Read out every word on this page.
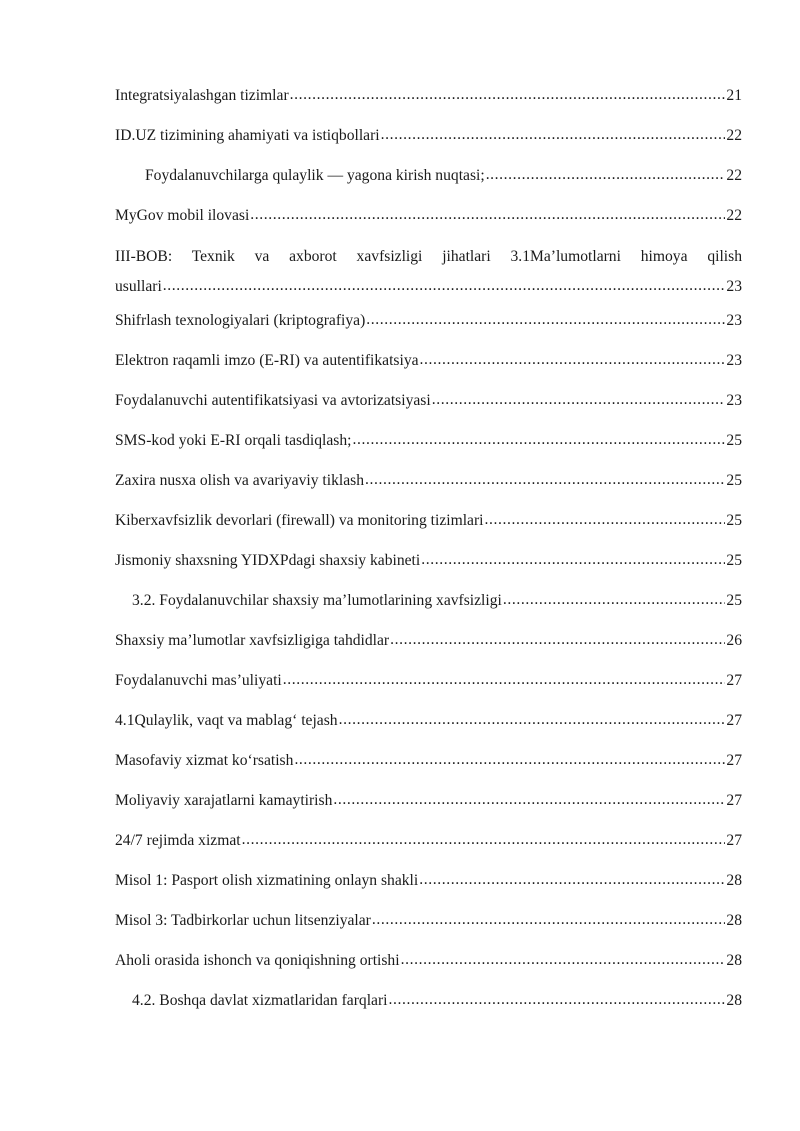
Integratsiyalashgan tizimlar .....	21
ID.UZ tizimining ahamiyati va istiqbollari .....	22
Foydalanuvchilarga qulaylik — yagona kirish nuqtasi; .....	22
MyGov mobil ilovasi .....	22
III-BOB: Texnik va axborot xavfsizligi jihatlari 3.1Ma’lumotlarni himoya qilish
usullari .....	23
Shifrlash texnologiyalari (kriptografiya) .....	23
Elektron raqamli imzo (E-RI) va autentifikatsiya .....	23
Foydalanuvchi autentifikatsiyasi va avtorizatsiyasi .....	23
SMS-kod yoki E-RI orqali tasdiqlash; .....	25
Zaxira nusxa olish va avariyaviy tiklash .....	25
Kiberxavfsizlik devorlari (firewall) va monitoring tizimlari .....	25
Jismoniy shaxsning YIDXPdagi shaxsiy kabineti .....	25
3.2. Foydalanuvchilar shaxsiy ma’lumotlarining xavfsizligi .....	25
Shaxsiy ma’lumotlar xavfsizligiga tahdidlar .....	26
Foydalanuvchi mas’uliyati .....	27
4.1Qulaylik, vaqt va mablag‘ tejash .....	27
Masofaviy xizmat ko‘rsatish .....	27
Moliyaviy xarajatlarni kamaytirish .....	27
24/7 rejimda xizmat .....	27
Misol 1: Pasport olish xizmatining onlayn shakli .....	28
Misol 3: Tadbirkorlar uchun litsenziyalar .....	28
Aholi orasida ishonch va qoniqishning ortishi .....	28
4.2. Boshqa davlat xizmatlaridan farqlari .....	28
